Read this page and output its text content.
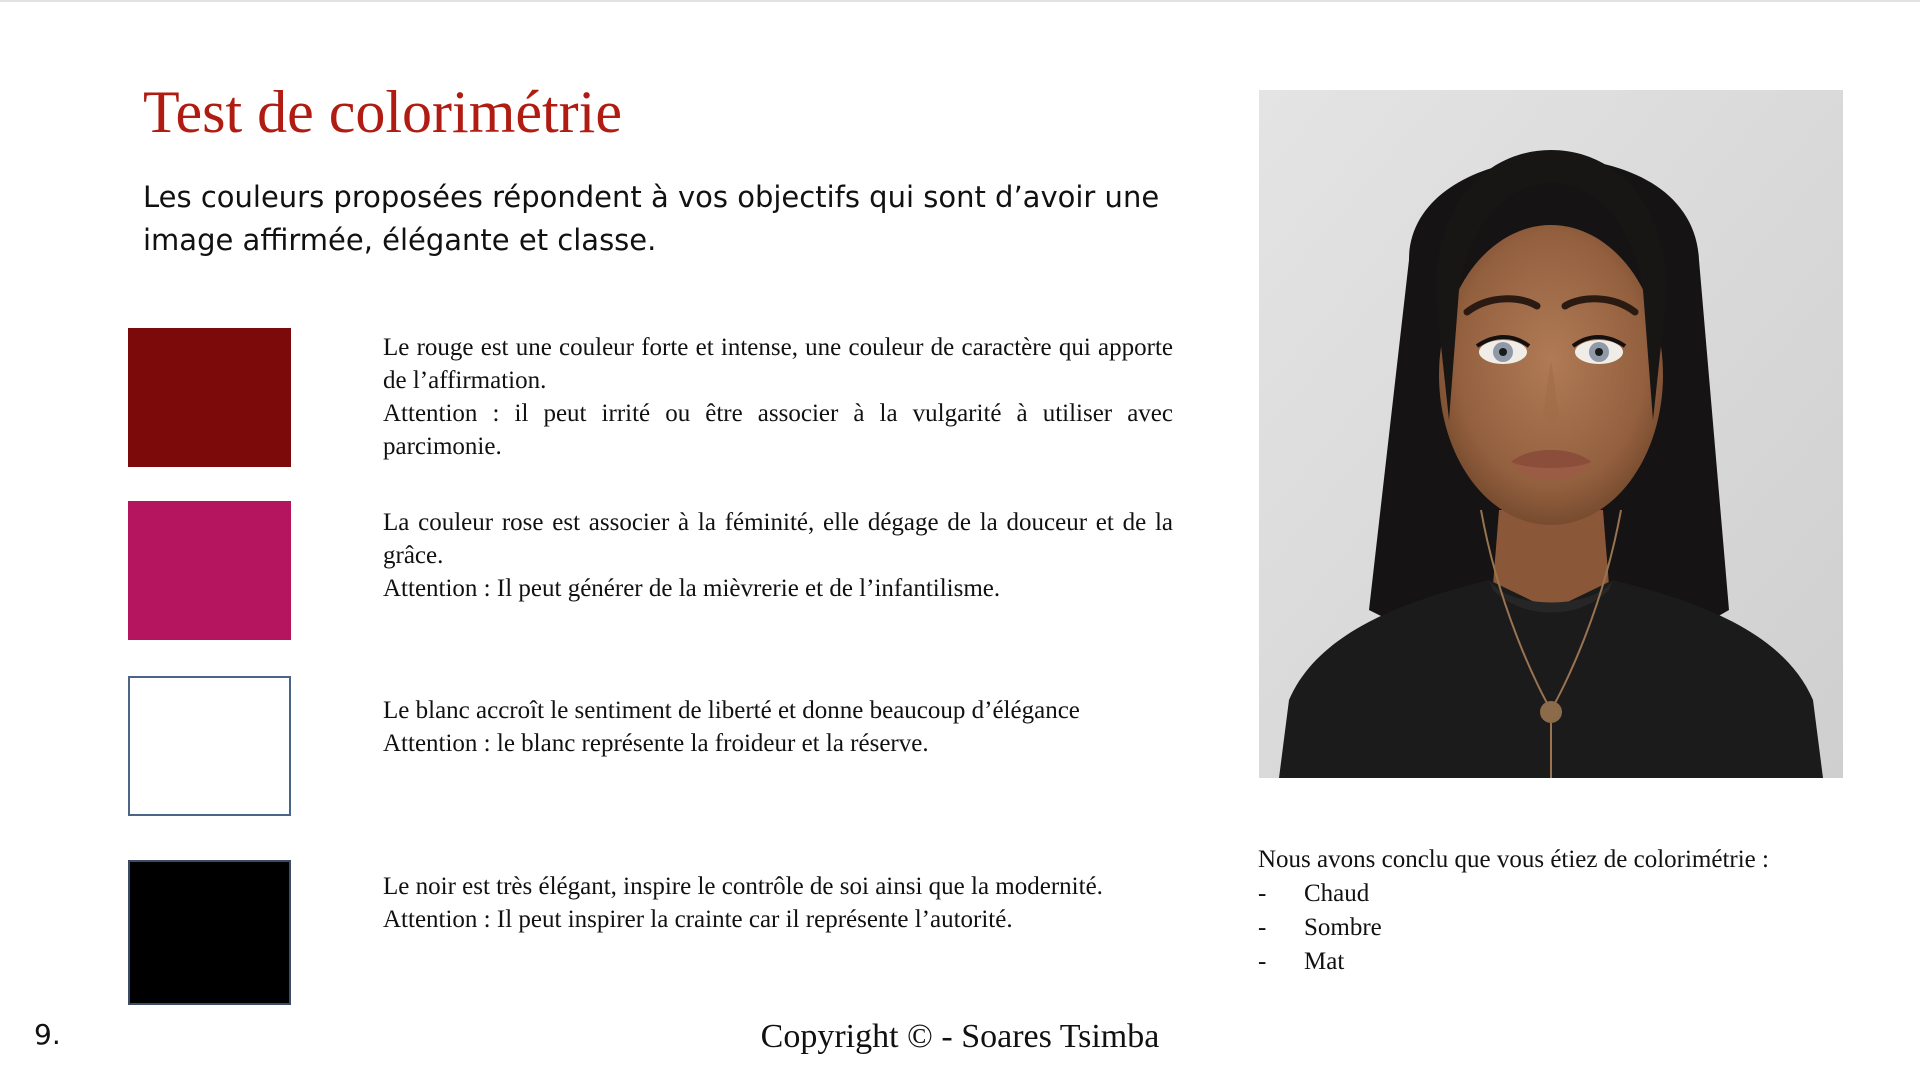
Test de colorimétrie

Les couleurs proposées répondent à vos objectifs qui sont d’avoir une image affirmée, élégante et classe.

Le rouge est une couleur forte et intense, une couleur de caractère qui apporte de l’affirmation.

Attention : il peut irrité ou être associer à la vulgarité à utiliser avec parcimonie.

La couleur rose est associer à la féminité, elle dégage de la douceur et de la grâce.

Attention : Il peut générer de la mièvrerie et de l’infantilisme.

Le blanc accroît le sentiment de liberté et donne beaucoup d’élégance

Attention : le blanc représente la froideur et la réserve.

Le noir est très élégant, inspire le contrôle de soi ainsi que la modernité.

Attention : Il peut inspirer la crainte car il représente l’autorité.

Nous avons conclu que vous étiez de colorimétrie :

-	Chaud
-	Sombre
-	Mat
9.	Copyright © - Soares Tsimba
